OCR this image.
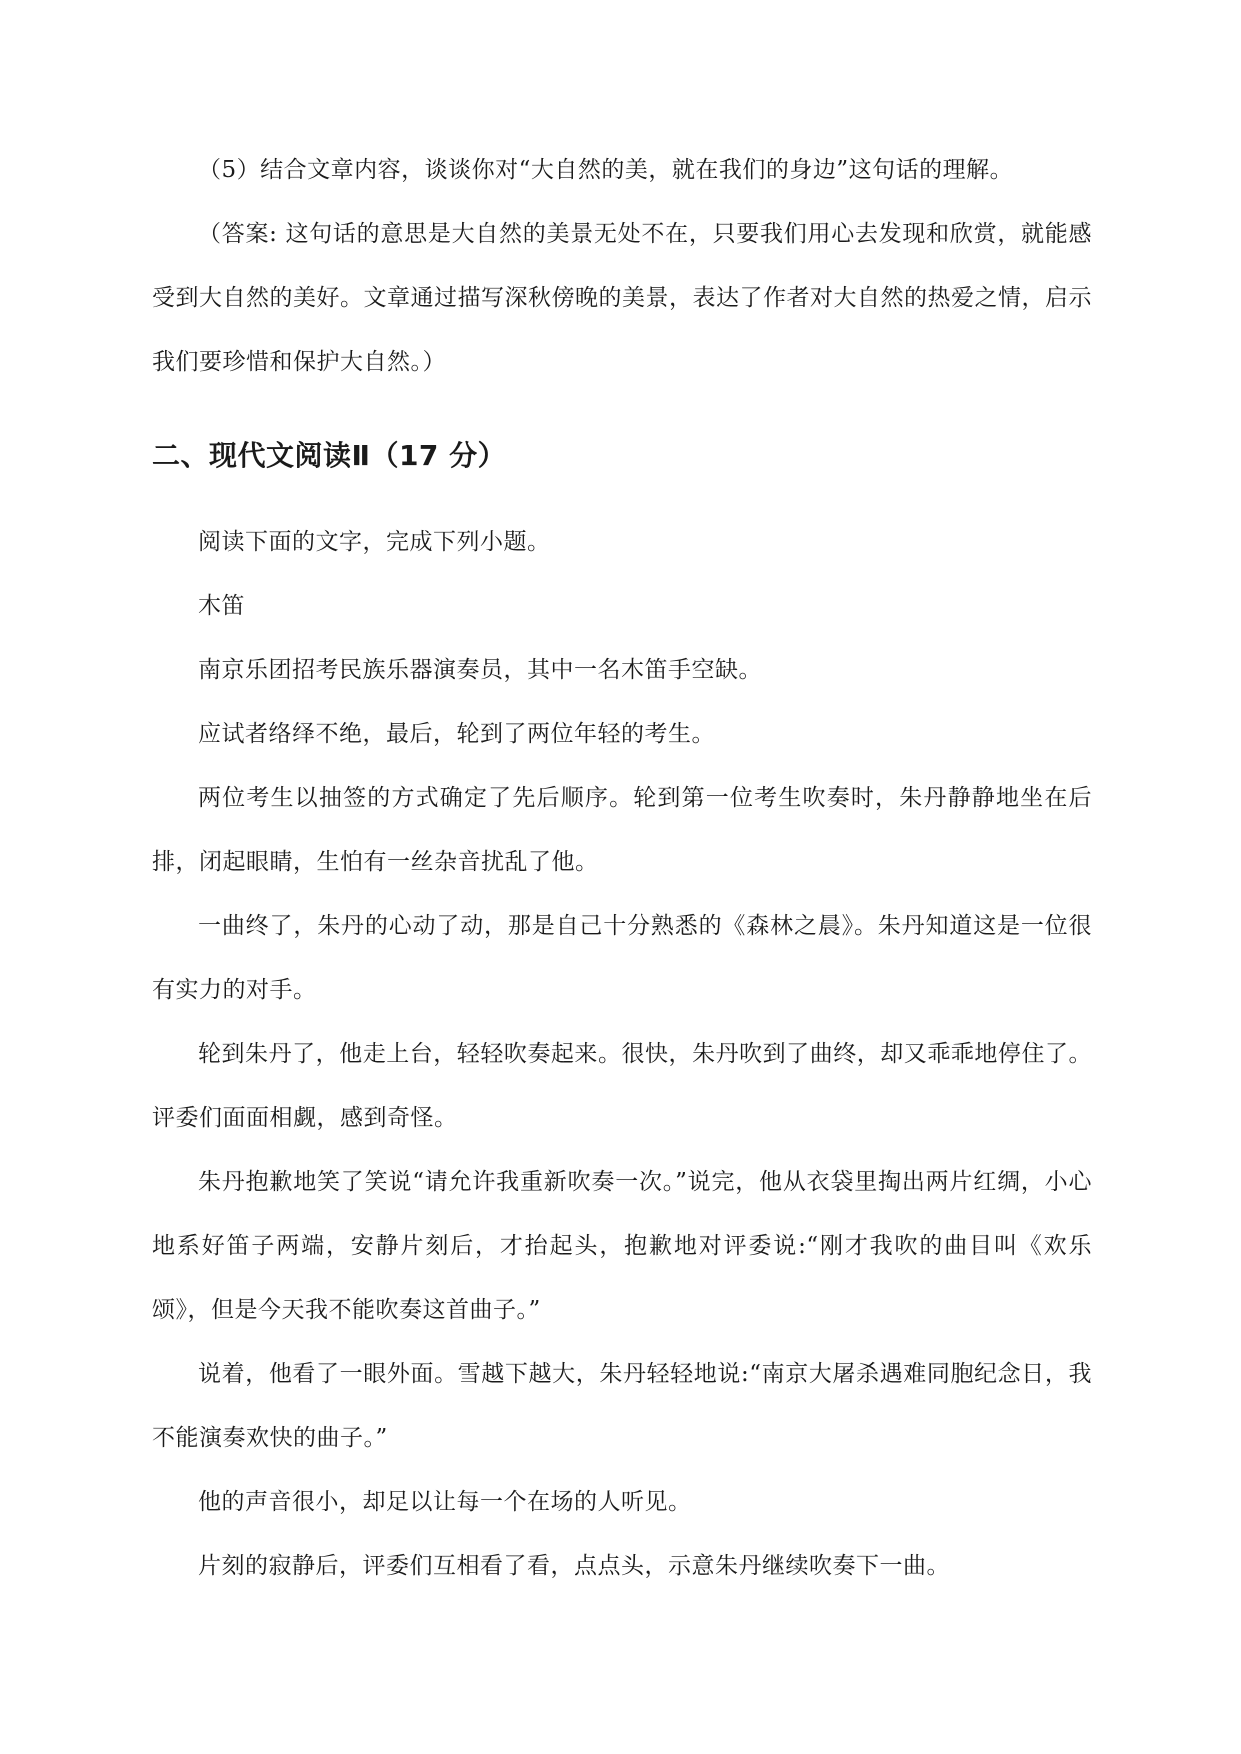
（5）结合文章内容，谈谈你对“大自然的美，就在我们的身边”这句话的理解。

（答案: 这句话的意思是大自然的美景无处不在，只要我们用心去发现和欣赏，就能感受到大自然的美好。文章通过描写深秋傍晚的美景，表达了作者对大自然的热爱之情，启示我们要珍惜和保护大自然。）

二、现代文阅读Ⅱ（17 分）

阅读下面的文字，完成下列小题。

木笛

南京乐团招考民族乐器演奏员，其中一名木笛手空缺。

应试者络绎不绝，最后，轮到了两位年轻的考生。

两位考生以抽签的方式确定了先后顺序。轮到第一位考生吹奏时，朱丹静静地坐在后排，闭起眼睛，生怕有一丝杂音扰乱了他。

一曲终了，朱丹的心动了动，那是自己十分熟悉的《森林之晨》。朱丹知道这是一位很有实力的对手。

轮到朱丹了，他走上台，轻轻吹奏起来。很快，朱丹吹到了曲终，却又乖乖地停住了。评委们面面相觑，感到奇怪。

朱丹抱歉地笑了笑说“请允许我重新吹奏一次。”说完，他从衣袋里掏出两片红绸，小心地系好笛子两端，安静片刻后，才抬起头，抱歉地对评委说:“刚才我吹的曲目叫《欢乐颂》，但是今天我不能吹奏这首曲子。”

说着，他看了一眼外面。雪越下越大，朱丹轻轻地说:“南京大屠杀遇难同胞纪念日，我不能演奏欢快的曲子。”

他的声音很小，却足以让每一个在场的人听见。

片刻的寂静后，评委们互相看了看，点点头，示意朱丹继续吹奏下一曲。
